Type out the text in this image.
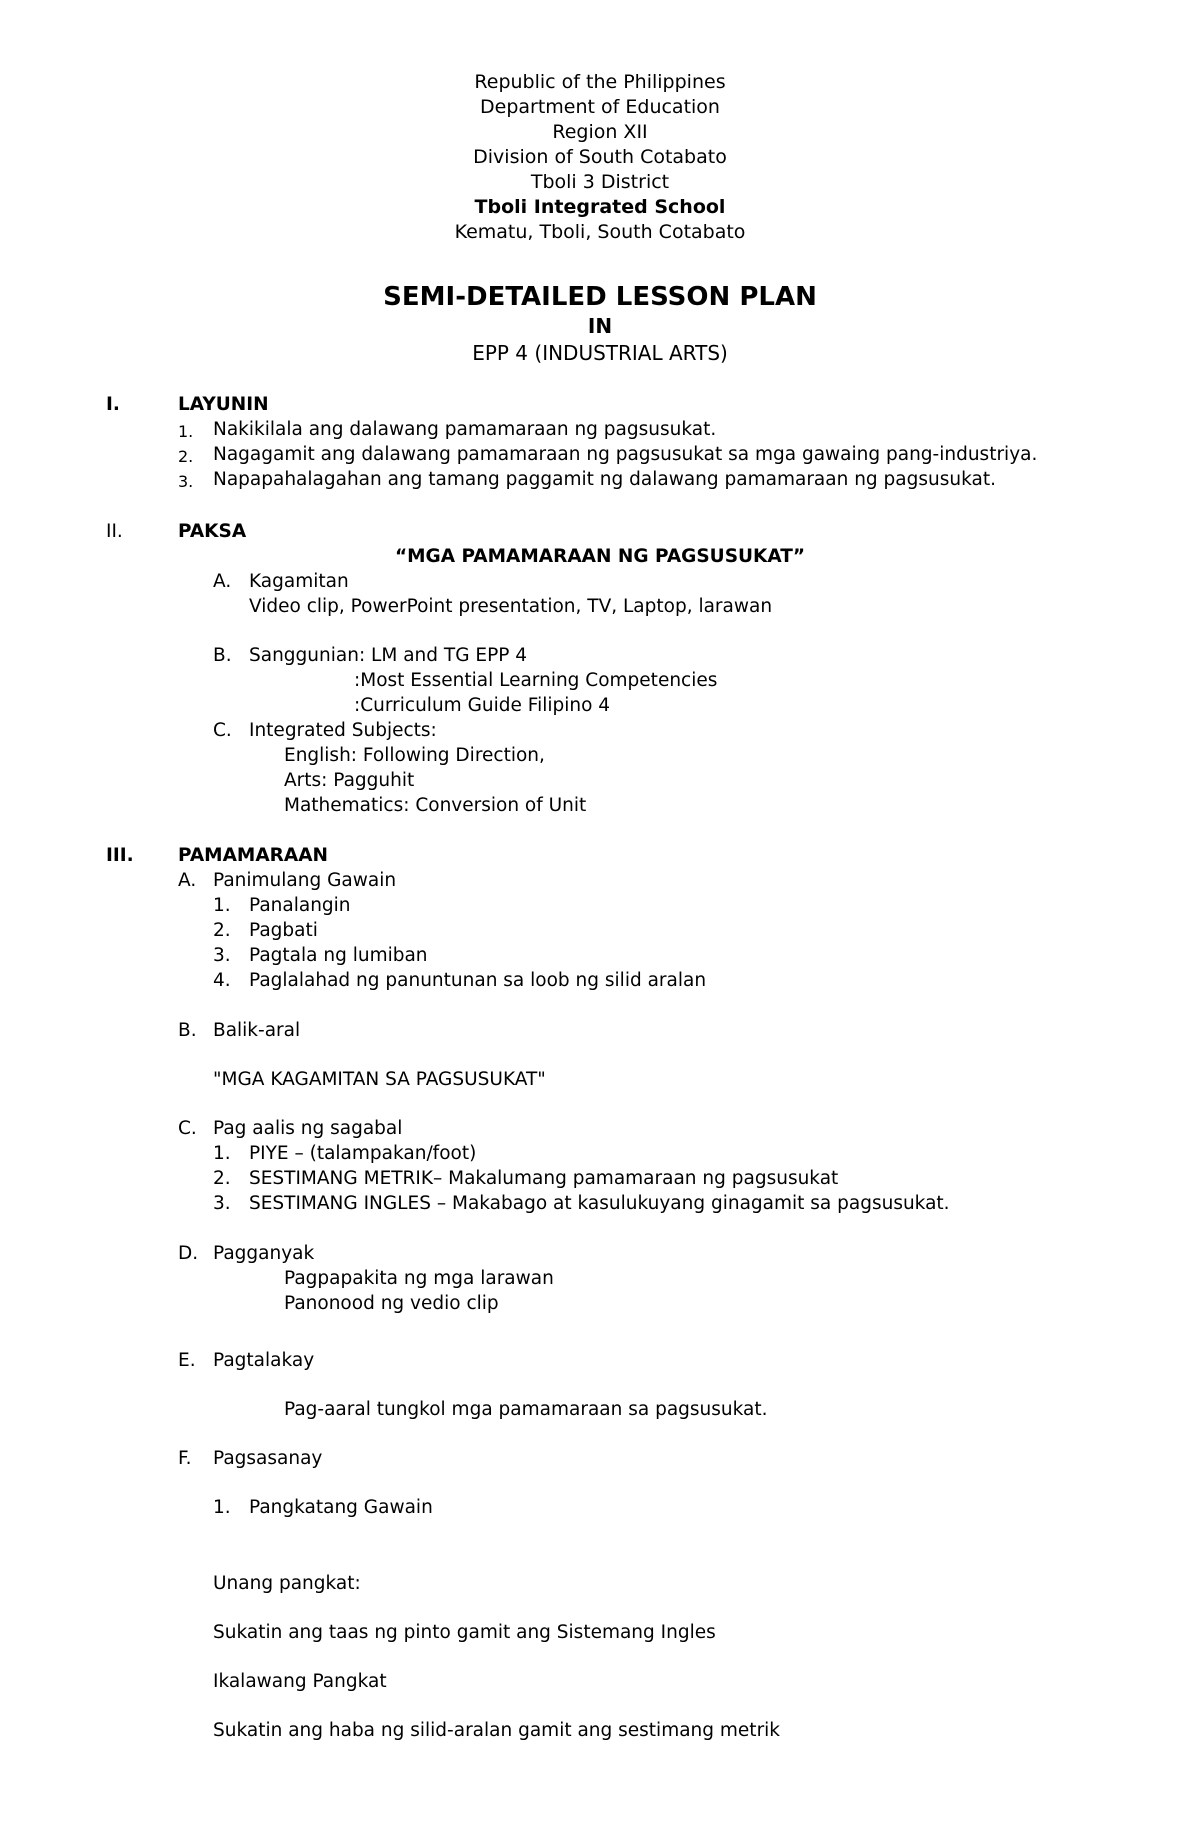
Republic of the Philippines
Department of Education
Region XII
Division of South Cotabato
Tboli 3 District
Tboli Integrated School
Kematu, Tboli, South Cotabato
SEMI-DETAILED LESSON PLAN
IN
EPP 4 (INDUSTRIAL ARTS)
I.	LAYUNIN
1. Nakikilala ang dalawang pamamaraan ng pagsusukat.
2. Nagagamit ang dalawang pamamaraan ng pagsusukat sa mga gawaing pang-industriya.
3. Napapahalagahan ang tamang paggamit ng dalawang pamamaraan ng pagsusukat.
II.	PAKSA
“MGA PAMAMARAAN NG PAGSUSUKAT”
A. Kagamitan
Video clip, PowerPoint presentation, TV, Laptop, larawan
B. Sanggunian: LM and TG EPP 4
:Most Essential Learning Competencies
:Curriculum Guide Filipino 4
C. Integrated Subjects:
English: Following Direction,
Arts: Pagguhit
Mathematics: Conversion of Unit
III. PAMAMARAAN
A. Panimulang Gawain
1. Panalangin
2. Pagbati
3. Pagtala ng lumiban
4. Paglalahad ng panuntunan sa loob ng silid aralan
B. Balik-aral
"MGA KAGAMITAN SA PAGSUSUKAT"
C. Pag aalis ng sagabal
1. PIYE – (talampakan/foot)
2. SESTIMANG METRIK– Makalumang pamamaraan ng pagsusukat
3. SESTIMANG INGLES – Makabago at kasulukuyang ginagamit sa pagsusukat.
D. Pagganyak
Pagpapakita ng mga larawan
Panonood ng vedio clip
E. Pagtalakay
Pag-aaral tungkol mga pamamaraan sa pagsusukat.
F. Pagsasanay
1. Pangkatang Gawain
Unang pangkat:
Sukatin ang taas ng pinto gamit ang Sistemang Ingles
Ikalawang Pangkat
Sukatin ang haba ng silid-aralan gamit ang sestimang metrik
